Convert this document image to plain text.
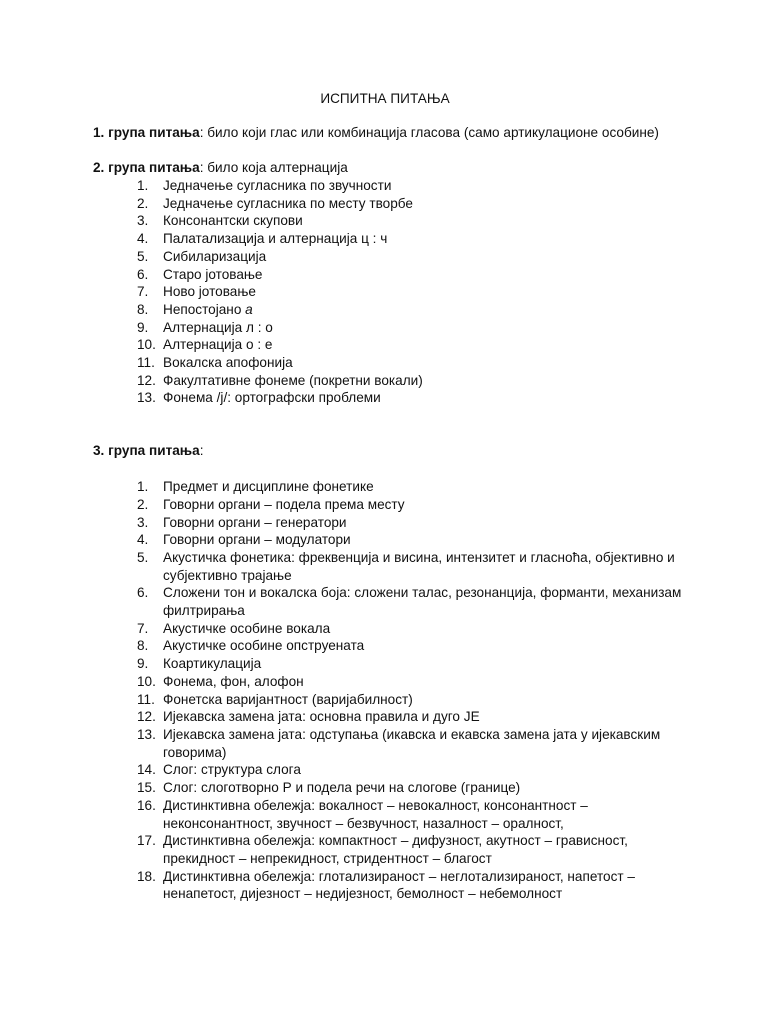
ИСПИТНА ПИТАЊА
1. група питања: било који глас или комбинација гласова (само артикулационе особине)
2. група питања: било која алтернација
1. Једначење сугласника по звучности
2. Једначење сугласника по месту творбе
3. Консонантски скупови
4. Палатализација и алтернација ц : ч
5. Сибиларизација
6. Старо јотовање
7. Ново јотовање
8. Непостојано а
9. Алтернација л : о
10. Алтернација о : е
11. Вокалска апофонија
12. Факултативне фонеме (покретни вокали)
13. Фонема /ј/: ортографски проблеми
3. група питања:
1. Предмет и дисциплине фонетике
2. Говорни органи – подела према месту
3. Говорни органи – генератори
4. Говорни органи – модулатори
5. Акустичка фонетика: фреквенција и висина, интензитет и гласноћа, објективно и субјективно трајање
6. Сложени тон и вокалска боја: сложени талас, резонанција, форманти, механизам филтрирања
7. Акустичке особине вокала
8. Акустичке особине опструената
9. Коартикулација
10. Фонема, фон, алофон
11. Фонетска варијантност (варијабилност)
12. Ијекавска замена јата: основна правила и дуго ЈЕ
13. Ијекавска замена јата: одступања (икавска и екавска замена јата у ијекавским говорима)
14. Слог: структура слога
15. Слог: слоготворно Р и подела речи на слогове (границе)
16. Дистинктивна обележја: вокалност – невокалност, консонантност – неконсонантност, звучност – безвучност, назалност – оралност,
17. Дистинктивна обележја: компактност – дифузност, акутност – грависност, прекидност – непрекидност, стридентност – благост
18. Дистинктивна обележја: глотализираност – неглотализираност, напетост – ненапетост, дијезност – недијезност, бемолност – небемолност
